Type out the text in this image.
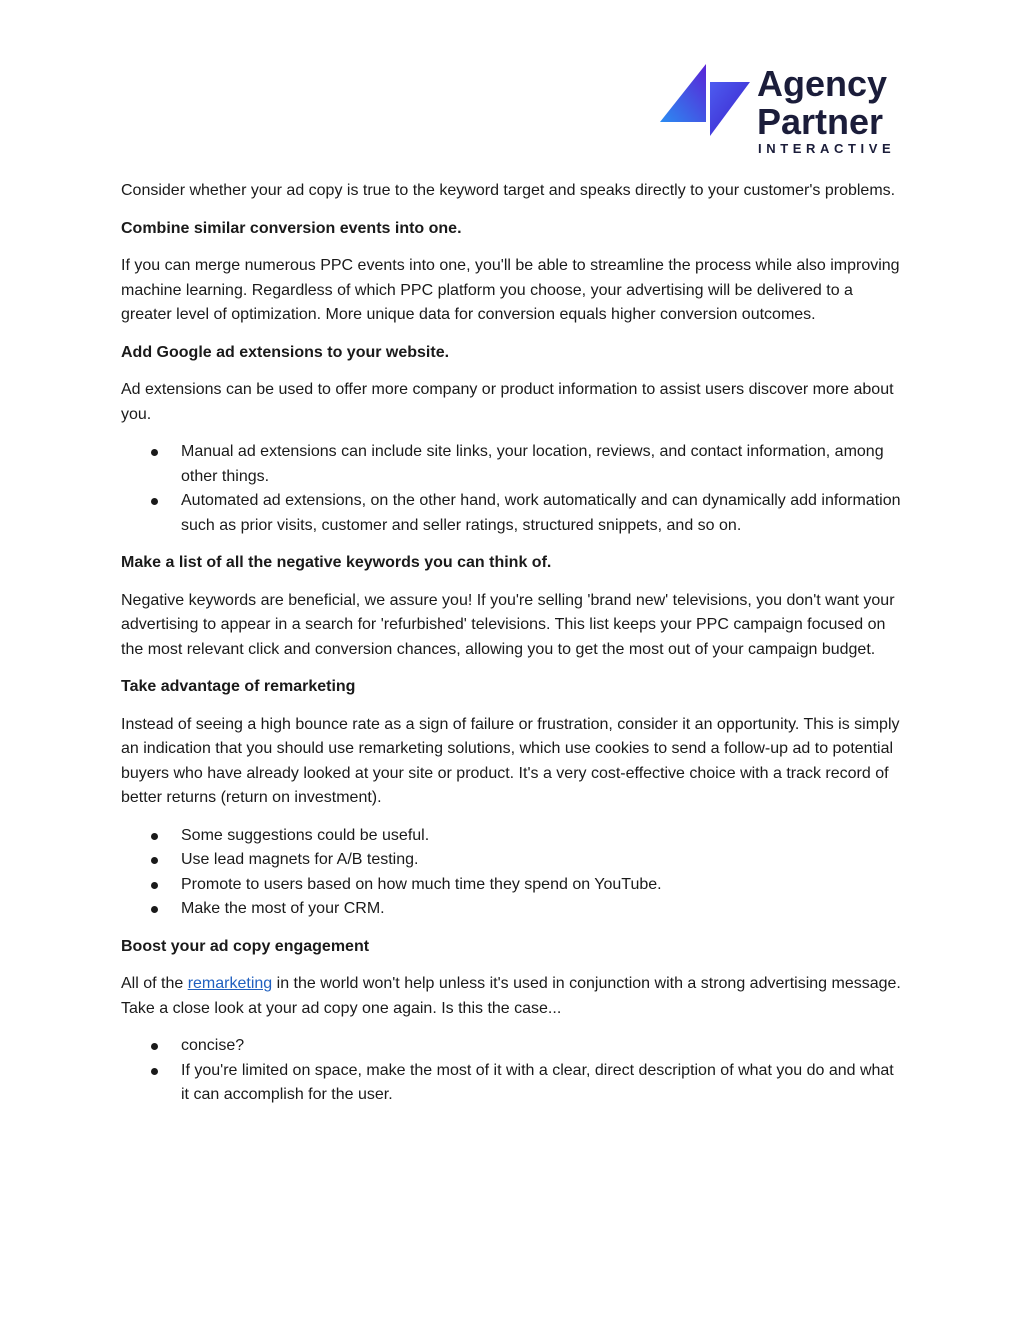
Agency
Partner
INTERACTIVE

Consider whether your ad copy is true to the keyword target and speaks directly to your customer's problems.

Combine similar conversion events into one.

If you can merge numerous PPC events into one, you'll be able to streamline the process while also improving machine learning. Regardless of which PPC platform you choose, your advertising will be delivered to a greater level of optimization. More unique data for conversion equals higher conversion outcomes.

Add Google ad extensions to your website.

Ad extensions can be used to offer more company or product information to assist users discover more about you.

Manual ad extensions can include site links, your location, reviews, and contact information, among other things.
Automated ad extensions, on the other hand, work automatically and can dynamically add information such as prior visits, customer and seller ratings, structured snippets, and so on.

Make a list of all the negative keywords you can think of.

Negative keywords are beneficial, we assure you! If you're selling 'brand new' televisions, you don't want your advertising to appear in a search for 'refurbished' televisions. This list keeps your PPC campaign focused on the most relevant click and conversion chances, allowing you to get the most out of your campaign budget.

Take advantage of remarketing

Instead of seeing a high bounce rate as a sign of failure or frustration, consider it an opportunity. This is simply an indication that you should use remarketing solutions, which use cookies to send a follow-up ad to potential buyers who have already looked at your site or product. It's a very cost-effective choice with a track record of better returns (return on investment).

Some suggestions could be useful.
Use lead magnets for A/B testing.
Promote to users based on how much time they spend on YouTube.
Make the most of your CRM.

Boost your ad copy engagement

All of the remarketing in the world won't help unless it's used in conjunction with a strong advertising message. Take a close look at your ad copy one again. Is this the case...

concise?
If you're limited on space, make the most of it with a clear, direct description of what you do and what it can accomplish for the user.
